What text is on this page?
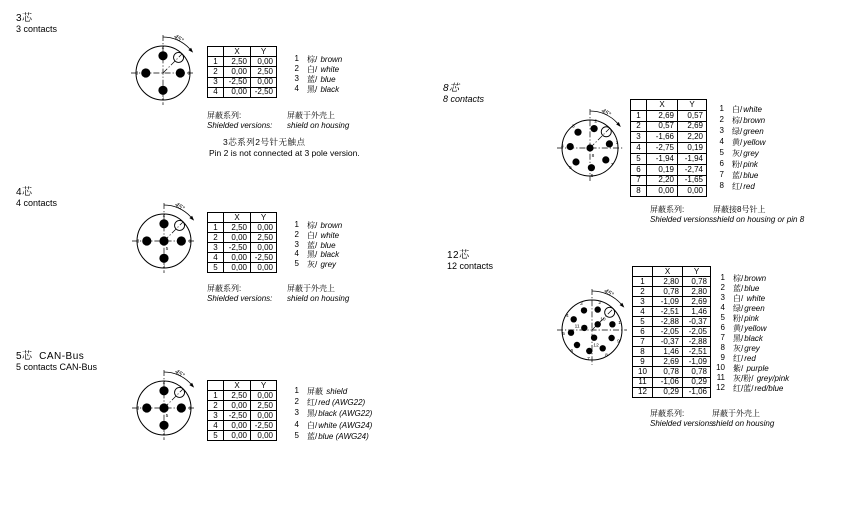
3芯
3 contacts
45°
1
2
3
4
	X	Y
1	2,50	0,00
2	0,00	2,50
3	-2,50	0,00
4	0,00	-2,50
1 棕/ brown
2 白/ white
3 蓝/ blue
4 黑/ black
屏蔽系列:
Shielded versions:
屏蔽于外壳上
shield on housing
3芯系列2号针无触点
Pin 2 is not connected at 3 pole version.
4芯
4 contacts	45°
1
2
3
4
5
	X	Y
1	2,50	0,00
2	0,00	2,50
3	-2,50	0,00
4	0,00	-2,50
5	0,00	0,00
1 棕/ brown
2 白/ white
3 蓝/ blue
4 黑/ black
5 灰/ grey
屏蔽系列:
Shielded versions:
屏蔽于外壳上
shield on housing
5芯  CAN-Bus
5 contacts CAN-Bus
45°
1
2
3
4
5
	X	Y
1	2,50	0,00
2	0,00	2,50
3	-2,50	0,00
4	0,00	-2,50
5	0,00	0,00
1 屏蔽 shield
2 红/red (AWG22)
3 黑/black (AWG22)
4 白/white (AWG24)
5 蓝/blue (AWG24)
8芯
8 contacts
45°
1
2
3
4
5
6
7
8
	X	Y
1	2,69	0,57
2	0,57	2,69
3	-1,66	2,20
4	-2,75	0,19
5	-1,94	-1,94
6	0,19	-2,74
7	2,20	-1,65
8	0,00	0,00
1 白/white
2 棕/brown
3 绿/green
4 黄/yellow
5 灰/grey
6 粉/pink
7 蓝/blue
8 红/red
屏蔽系列:
Shielded versions:
屏蔽接8号针上
shield on housing or pin 8
12芯
12 contacts
45°
1
2
3
4
5
6
7
8
9
10
11
12
	X	Y
1	2,80	0,78
2	0,78	2,80
3	-1,09	2,69
4	-2,51	1,46
5	-2,88	-0,37
6	-2,05	-2,05
7	-0,37	-2,88
8	1,46	-2,51
9	2,69	-1,09
10	0,78	0,78
11	-1,06	0,29
12	0,29	-1,06
1 棕/brown
2 蓝/blue
3 白/ white
4 绿/green
5 粉/pink
6 黄/yellow
7 黑/black
8 灰/grey
9 红/red
10 紫/ purple
11 灰/粉/ grey/pink
12 红/蓝/red/blue
屏蔽系列:
Shielded versions:
屏蔽于外壳上
shield on housing
